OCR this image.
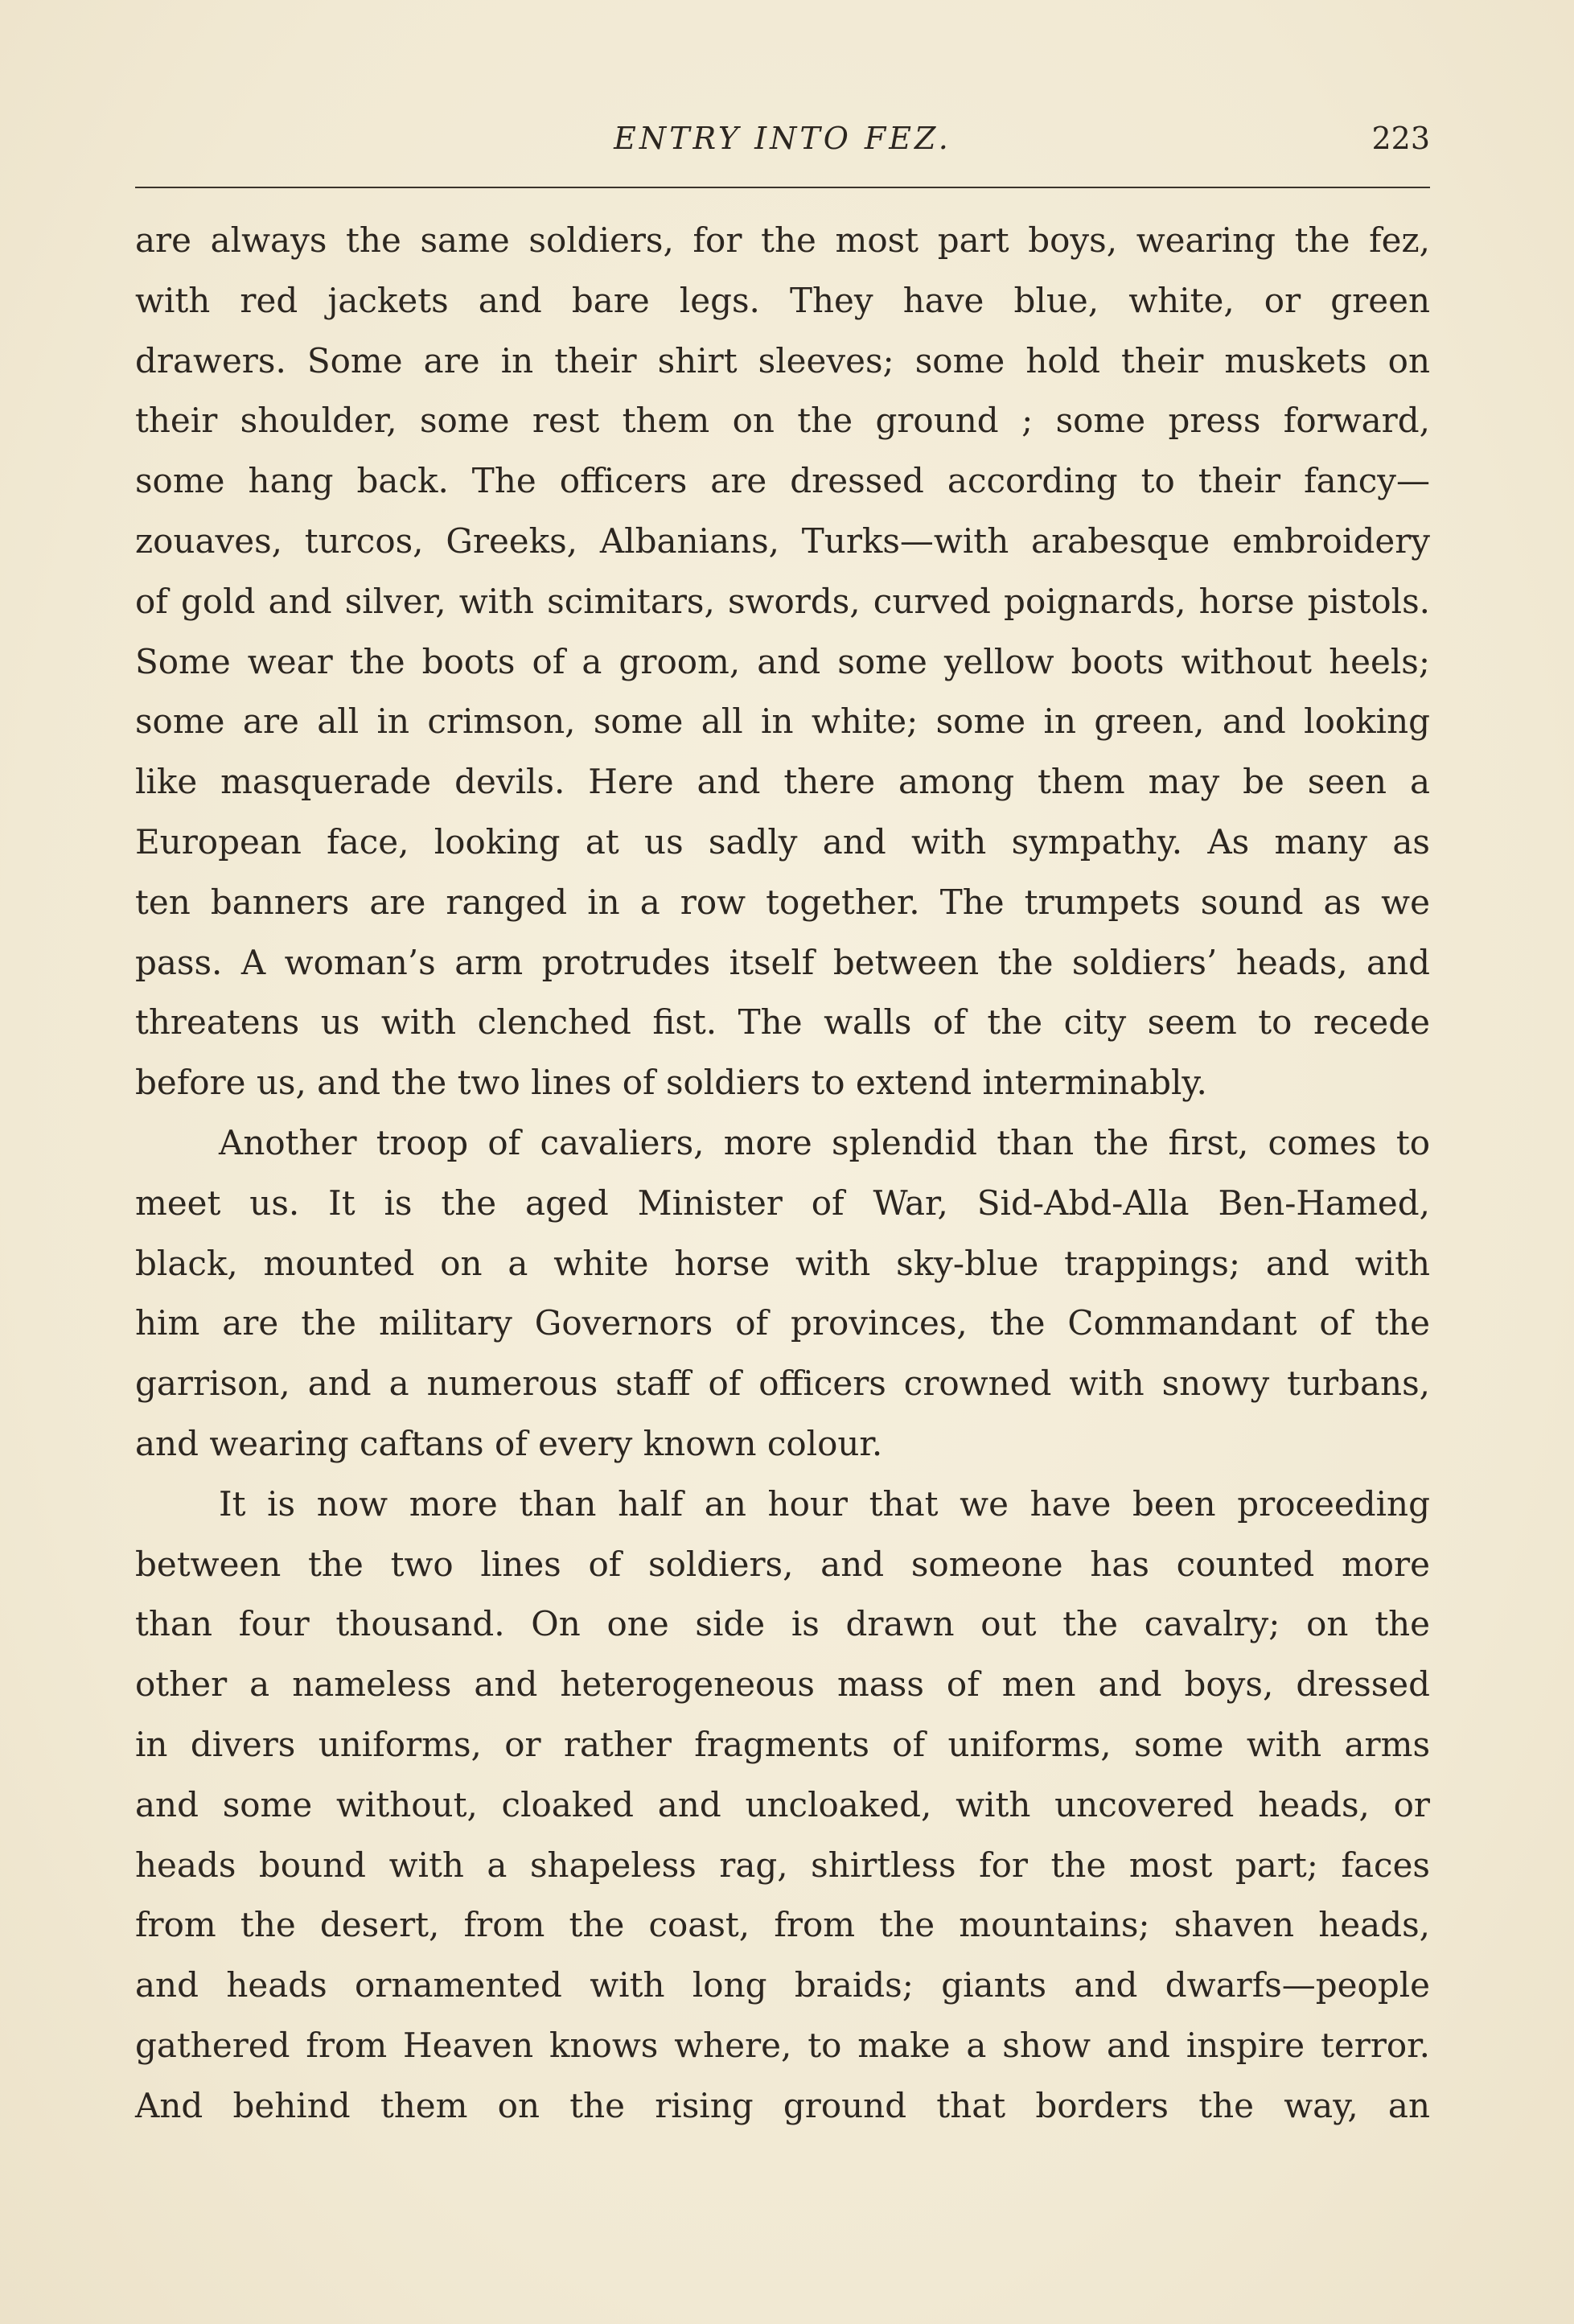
ENTRY INTO FEZ.	223
are always the same soldiers, for the most part boys, wearing the fez,
with red jackets and bare legs. They have blue, white, or green
drawers. Some are in their shirt sleeves; some hold their muskets on
their shoulder, some rest them on the ground ; some press forward,
some hang back. The officers are dressed according to their fancy—
zouaves, turcos, Greeks, Albanians, Turks—with arabesque embroidery
of gold and silver, with scimitars, swords, curved poignards, horse pistols.
Some wear the boots of a groom, and some yellow boots without heels;
some are all in crimson, some all in white; some in green, and looking
like masquerade devils. Here and there among them may be seen a
European face, looking at us sadly and with sympathy. As many as
ten banners are ranged in a row together. The trumpets sound as we
pass. A woman’s arm protrudes itself between the soldiers’ heads, and
threatens us with clenched fist. The walls of the city seem to recede
before us, and the two lines of soldiers to extend interminably.
Another troop of cavaliers, more splendid than the first, comes to
meet us. It is the aged Minister of War, Sid-Abd-Alla Ben-Hamed,
black, mounted on a white horse with sky-blue trappings; and with
him are the military Governors of provinces, the Commandant of the
garrison, and a numerous staff of officers crowned with snowy turbans,
and wearing caftans of every known colour.
It is now more than half an hour that we have been proceeding
between the two lines of soldiers, and someone has counted more
than four thousand. On one side is drawn out the cavalry; on the
other a nameless and heterogeneous mass of men and boys, dressed
in divers uniforms, or rather fragments of uniforms, some with arms
and some without, cloaked and uncloaked, with uncovered heads, or
heads bound with a shapeless rag, shirtless for the most part; faces
from the desert, from the coast, from the mountains; shaven heads,
and heads ornamented with long braids; giants and dwarfs—people
gathered from Heaven knows where, to make a show and inspire terror.
And behind them on the rising ground that borders the way, an
